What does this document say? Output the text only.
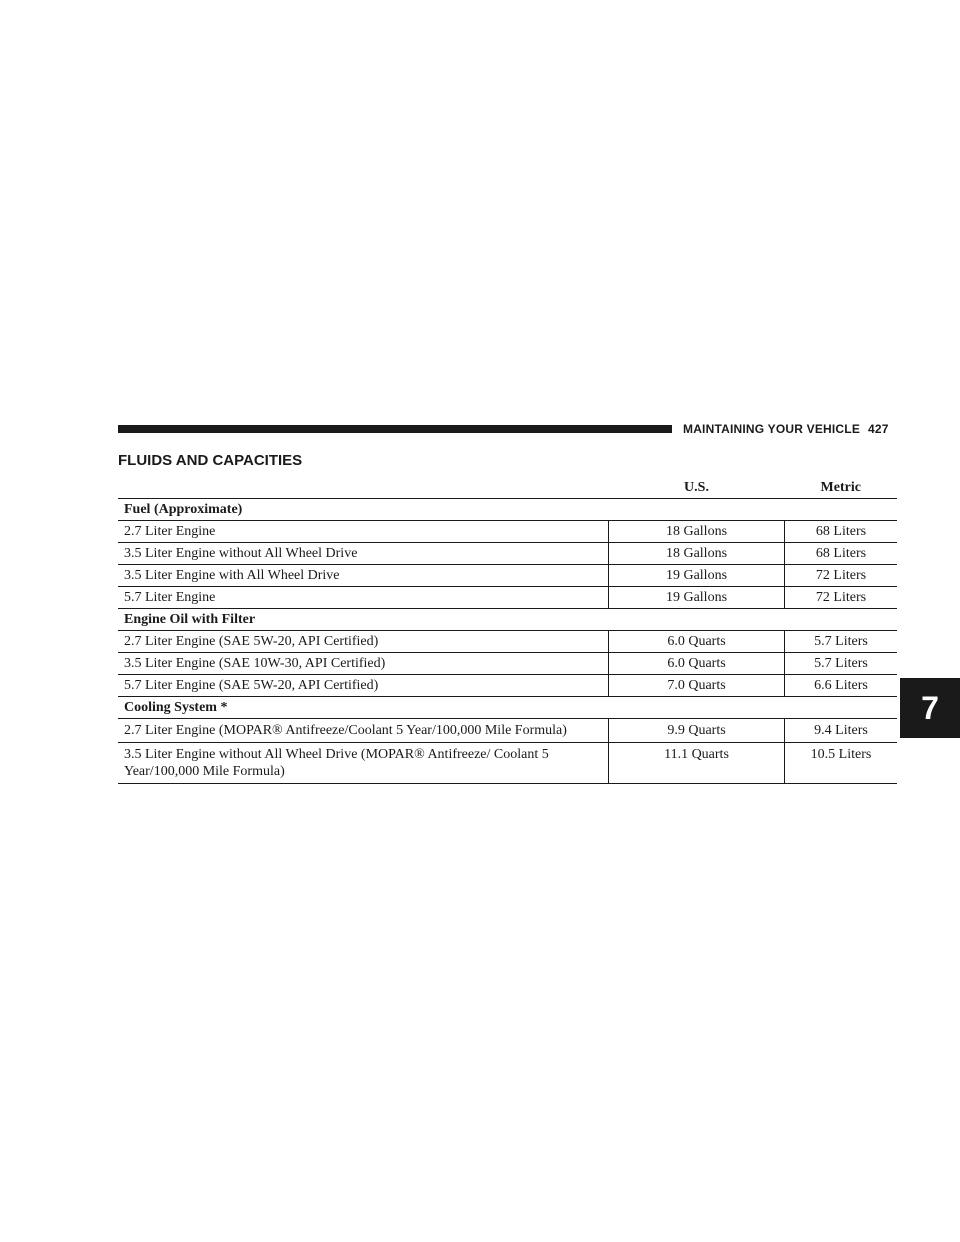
MAINTAINING YOUR VEHICLE 427
FLUIDS AND CAPACITIES
7
	U.S.	Metric
Fuel (Approximate)		
2.7 Liter Engine	18 Gallons	68 Liters
3.5 Liter Engine without All Wheel Drive	18 Gallons	68 Liters
3.5 Liter Engine with All Wheel Drive	19 Gallons	72 Liters
5.7 Liter Engine	19 Gallons	72 Liters
Engine Oil with Filter		
2.7 Liter Engine (SAE 5W-20, API Certified)	6.0 Quarts	5.7 Liters
3.5 Liter Engine (SAE 10W-30, API Certified)	6.0 Quarts	5.7 Liters
5.7 Liter Engine (SAE 5W-20, API Certified)	7.0 Quarts	6.6 Liters
Cooling System *		
2.7 Liter Engine (MOPAR® Antifreeze/Coolant 5 Year/100,000 Mile Formula)	9.9 Quarts	9.4 Liters
3.5 Liter Engine without All Wheel Drive (MOPAR® Antifreeze/ Coolant 5 Year/100,000 Mile Formula)	11.1 Quarts	10.5 Liters
